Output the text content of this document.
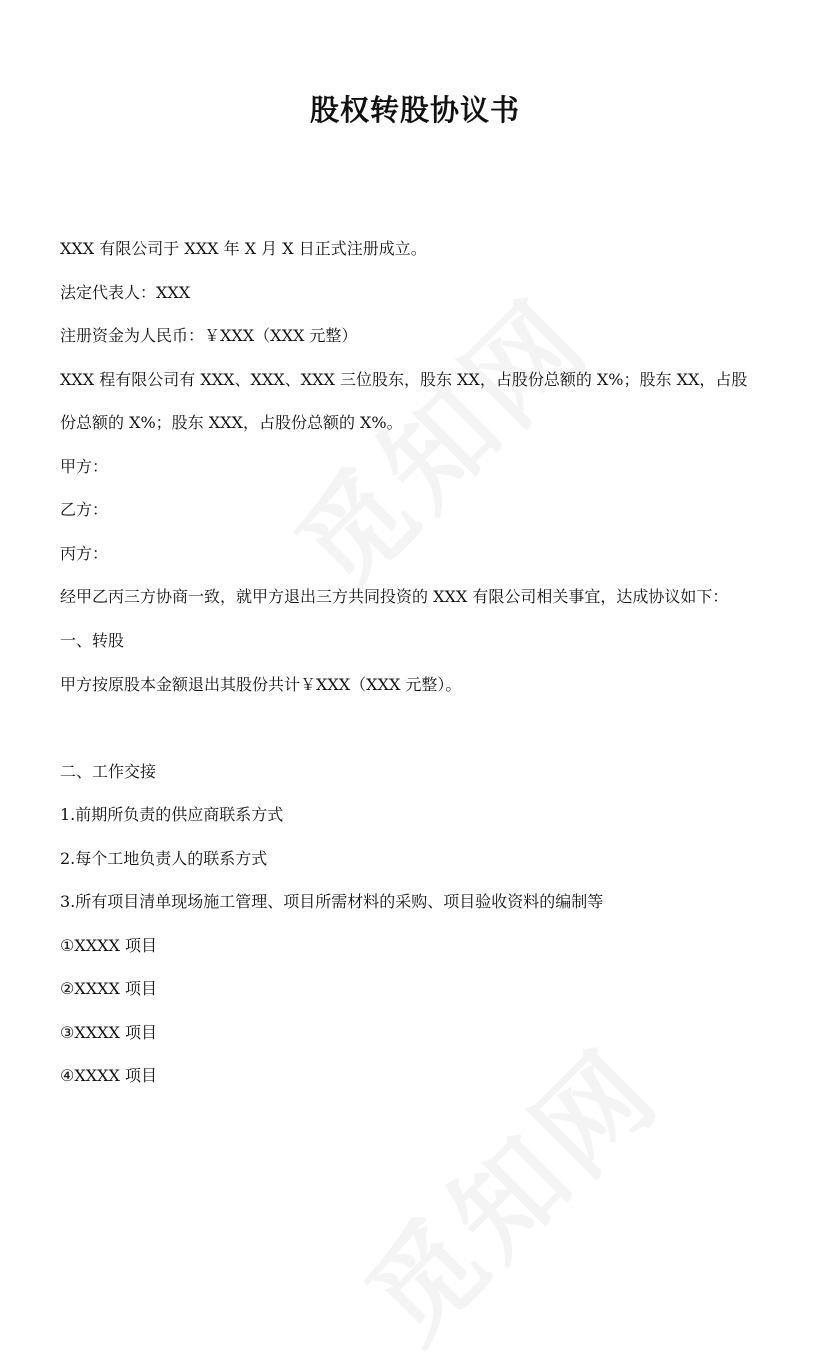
股权转股协议书
XXX 有限公司于 XXX 年 X 月 X 日正式注册成立。
法定代表人：XXX
注册资金为人民币：￥XXX（XXX 元整）
XXX 程有限公司有 XXX、XXX、XXX 三位股东，股东 XX，占股份总额的 X%；股东 XX，占股
份总额的 X%；股东 XXX，占股份总额的 X%。
甲方：
乙方：
丙方：
经甲乙丙三方协商一致，就甲方退出三方共同投资的 XXX 有限公司相关事宜，达成协议如下：
一、转股
甲方按原股本金额退出其股份共计￥XXX（XXX 元整）。
二、工作交接
1.前期所负责的供应商联系方式
2.每个工地负责人的联系方式
3.所有项目清单现场施工管理、项目所需材料的采购、项目验收资料的编制等
①XXXX 项目
②XXXX 项目
③XXXX 项目
④XXXX 项目
